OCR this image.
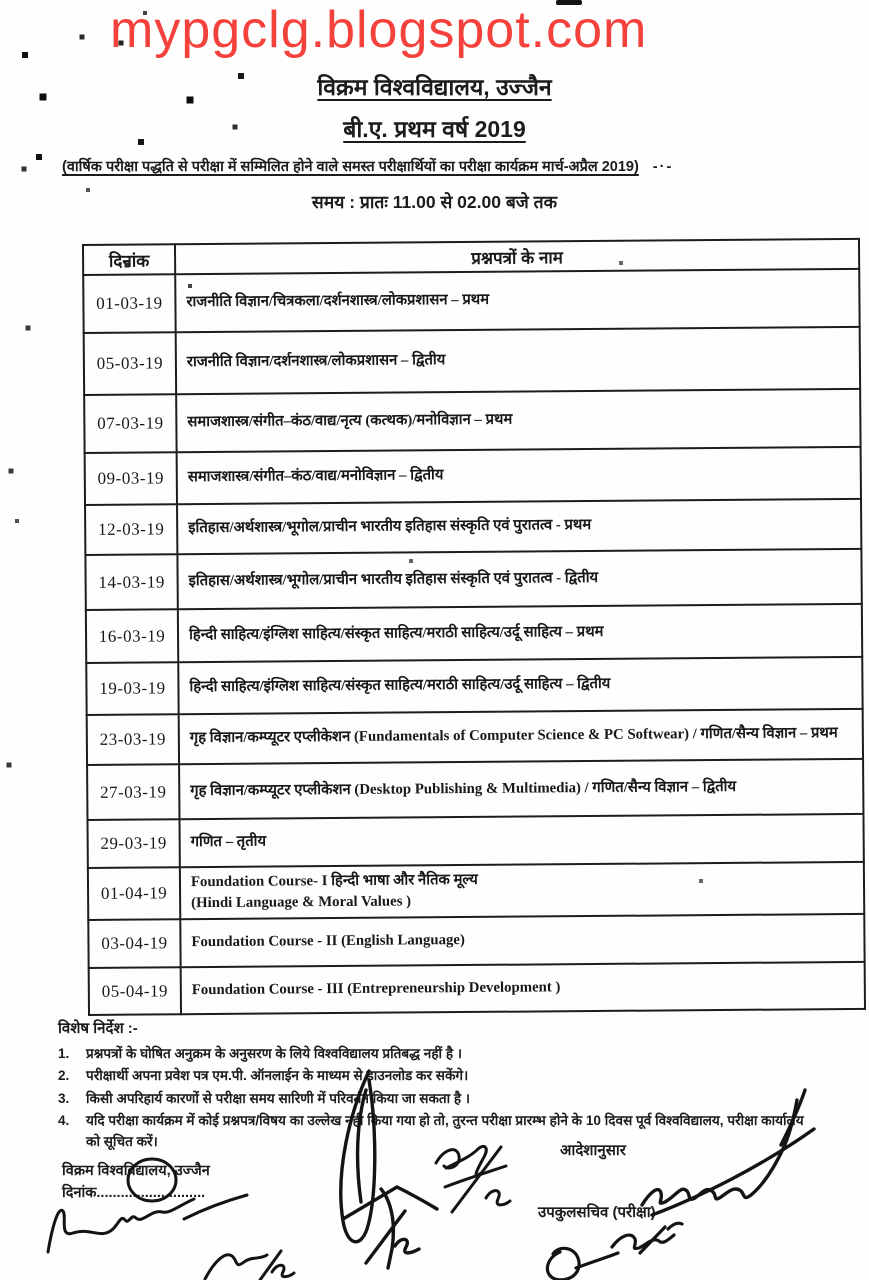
mypgclg.blogspot.com
विक्रम विश्वविद्यालय, उज्जैन
बी.ए. प्रथम वर्ष 2019
(वार्षिक परीक्षा पद्धति से परीक्षा में सम्मिलित होने वाले समस्त परीक्षार्थियों का परीक्षा कार्यक्रम मार्च-अप्रैल 2019) -·-
समय : प्रातः 11.00 से 02.00 बजे तक
दिनांक	प्रश्नपत्रों के नाम
01-03-19	राजनीति विज्ञान/चित्रकला/दर्शनशास्त्र/लोकप्रशासन – प्रथम
05-03-19	राजनीति विज्ञान/दर्शनशास्त्र/लोकप्रशासन – द्वितीय
07-03-19	समाजशास्त्र/संगीत–कंठ/वाद्य/नृत्य (कत्थक)/मनोविज्ञान – प्रथम
09-03-19	समाजशास्त्र/संगीत–कंठ/वाद्य/मनोविज्ञान – द्वितीय
12-03-19	इतिहास/अर्थशास्त्र/भूगोल/प्राचीन भारतीय इतिहास संस्कृति एवं पुरातत्व - प्रथम
14-03-19	इतिहास/अर्थशास्त्र/भूगोल/प्राचीन भारतीय इतिहास संस्कृति एवं पुरातत्व - द्वितीय
16-03-19	हिन्दी साहित्य/इंग्लिश साहित्य/संस्कृत साहित्य/मराठी साहित्य/उर्दू साहित्य – प्रथम
19-03-19	हिन्दी साहित्य/इंग्लिश साहित्य/संस्कृत साहित्य/मराठी साहित्य/उर्दू साहित्य – द्वितीय
23-03-19	गृह विज्ञान/कम्प्यूटर एप्लीकेशन (Fundamentals of Computer Science & PC Softwear) / गणित/सैन्य विज्ञान – प्रथम
27-03-19	गृह विज्ञान/कम्प्यूटर एप्लीकेशन (Desktop Publishing & Multimedia) / गणित/सैन्य विज्ञान – द्वितीय
29-03-19	गणित – तृतीय
01-04-19	Foundation Course- I हिन्दी भाषा और नैतिक मूल्य
(Hindi Language & Moral Values )
03-04-19	Foundation Course - II (English Language)
05-04-19	Foundation Course - III (Entrepreneurship Development )
विशेष निर्देश :-
1.	प्रश्नपत्रों के घोषित अनुक्रम के अनुसरण के लिये विश्वविद्यालय प्रतिबद्ध नहीं है ।
2.	परीक्षार्थी अपना प्रवेश पत्र एम.पी. ऑनलाईन के माध्यम से डाउनलोड कर सकेंगे।
3.	किसी अपरिहार्य कारणों से परीक्षा समय सारिणी में परिवर्तन किया जा सकता है ।
4.	यदि परीक्षा कार्यक्रम में कोई प्रश्नपत्र/विषय का उल्लेख नही किया गया हो तो, तुरन्त परीक्षा प्रारम्भ होने के 10 दिवस पूर्व विश्वविद्यालय, परीक्षा कार्यालय को सूचित करें।
विक्रम विश्वविद्यालय, उज्जैन
दिनांक...........................
आदेशानुसार
उपकुलसचिव (परीक्षा)
